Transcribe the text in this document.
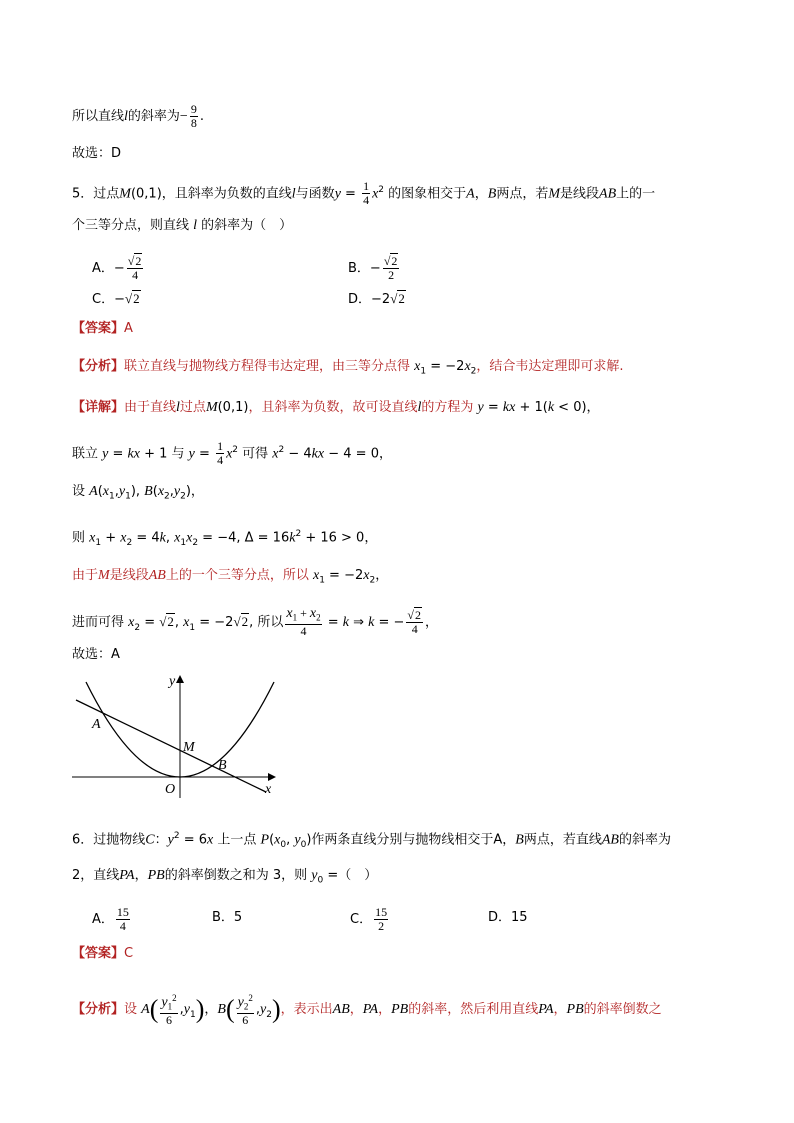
所以直线l的斜率为− $\frac{9}{8}$ .
故选：D
5．过点M(0,1)，且斜率为负数的直线l与函数$y = \frac{1}{4} x^2$ 的图象相交于A，B两点，若M是线段AB上的一
个三等分点，则直线 l 的斜率为（　）
A．− $\frac{√2}{4}$	B．− $\frac{√2}{2}$
C．−√2	D．−2√2
【答案】A
【分析】联立直线与抛物线方程得韦达定理，由三等分点得 $x_1 = -2x_2$，结合韦达定理即可求解.
【详解】由于直线l过点M(0,1)，且斜率为负数，故可设直线l的方程为 y = kx + 1(k < 0)，
联立 y = kx + 1 与 $y = \frac{1}{4} x^2$ 可得 $x^2 - 4kx - 4 = 0$，
设 $A(x_1,y_1)$, $B(x_2,y_2)$，
则 $x_1 + x_2 = 4k$, $x_1x_2 = -4$, $\Delta = 16k^2 + 16 > 0$，
由于M是线段AB上的一个三等分点，所以 $x_1 = -2x_2$，
进而可得 $x_2 = √2$, $x_1 = -2√2$, 所以 $\frac{x_1 + x_2}{4} = k$ ⇒ k = − $\frac{√2}{4}$ ，
故选：A
y
x
O
A
M
B
6．过抛物线C：$y^2 = 6x$ 上一点 $P(x_0$, $y_0$)作两条直线分别与抛物线相交于A，B两点，若直线AB的斜率为
2，直线PA，PB的斜率倒数之和为 3，则 $y_0$ =（　）
A． $\frac{15}{4}$	B．5	C． $\frac{15}{2}$	D．15
【答案】C
【分析】设 $A( \frac{y_1^2}{6} ,y_1)$，$B( \frac{y_2^2}{6} ,y_2)$，表示出AB，PA，PB的斜率，然后利用直线PA，PB的斜率倒数之
